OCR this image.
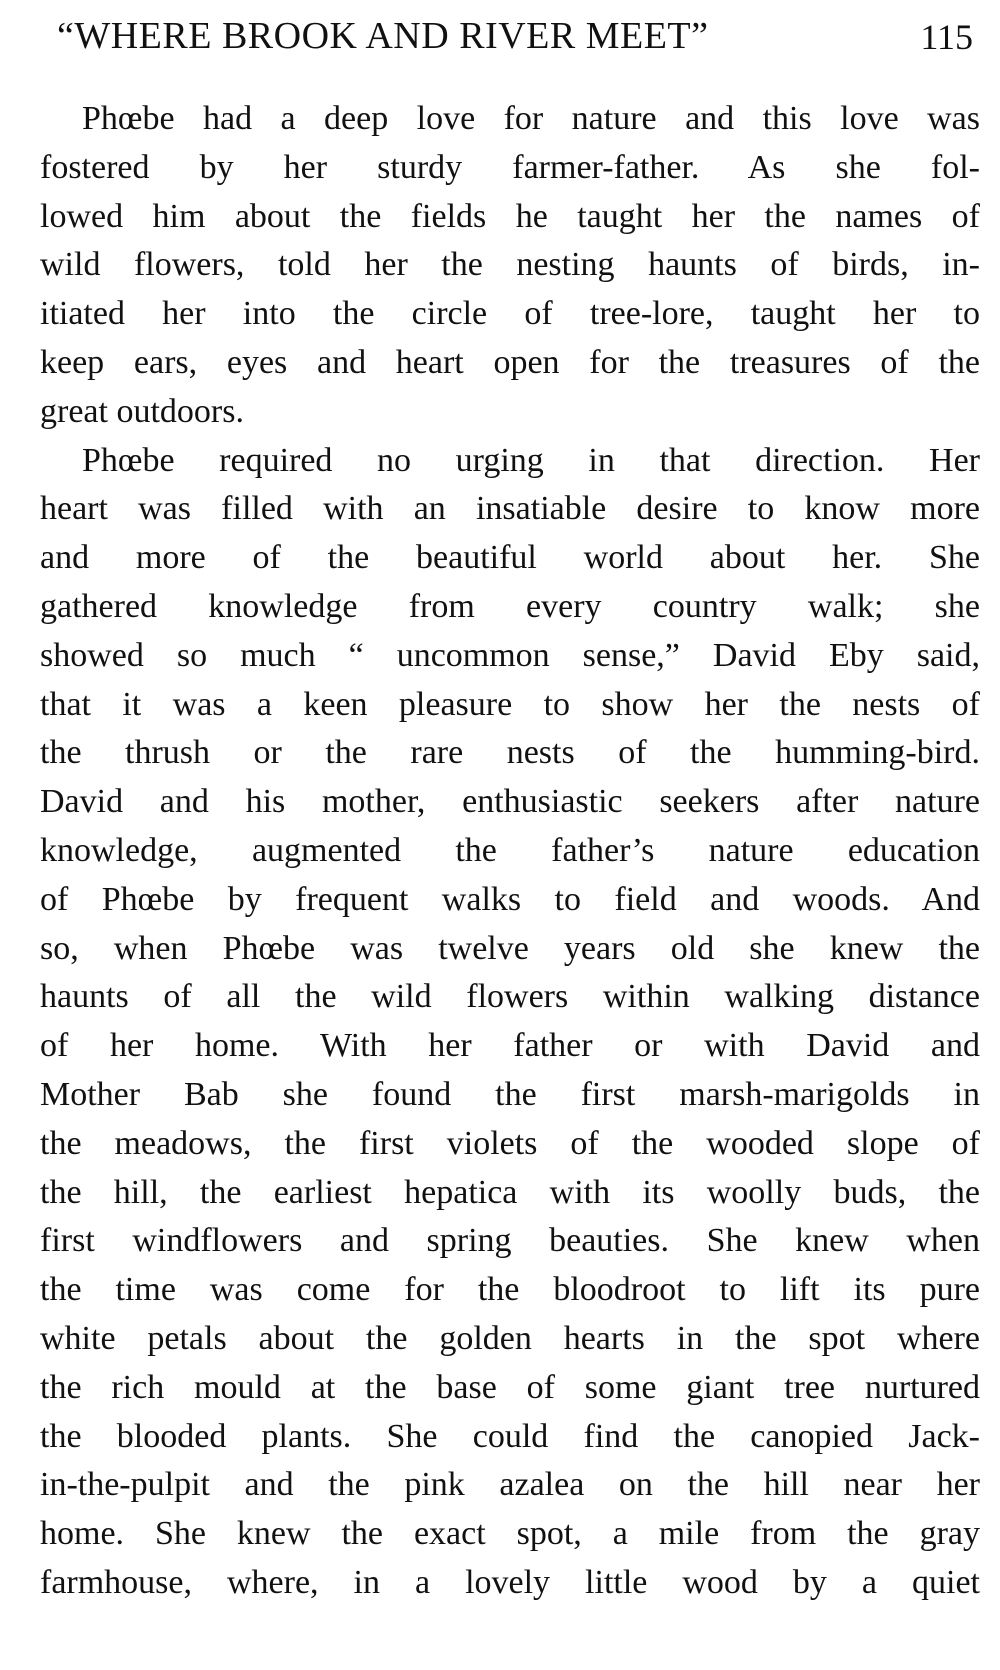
“WHERE BROOK AND RIVER MEET”	115
Phœbe had a deep love for nature and this love was
fostered by her sturdy farmer-father. As she fol-
lowed him about the fields he taught her the names of
wild flowers, told her the nesting haunts of birds, in-
itiated her into the circle of tree-lore, taught her to
keep ears, eyes and heart open for the treasures of the
great outdoors.
Phœbe required no urging in that direction. Her
heart was filled with an insatiable desire to know more
and more of the beautiful world about her. She
gathered knowledge from every country walk; she
showed so much “ uncommon sense,” David Eby said,
that it was a keen pleasure to show her the nests of
the thrush or the rare nests of the humming-bird.
David and his mother, enthusiastic seekers after nature
knowledge, augmented the father’s nature education
of Phœbe by frequent walks to field and woods. And
so, when Phœbe was twelve years old she knew the
haunts of all the wild flowers within walking distance
of her home. With her father or with David and
Mother Bab she found the first marsh-marigolds in
the meadows, the first violets of the wooded slope of
the hill, the earliest hepatica with its woolly buds, the
first windflowers and spring beauties. She knew when
the time was come for the bloodroot to lift its pure
white petals about the golden hearts in the spot where
the rich mould at the base of some giant tree nurtured
the blooded plants. She could find the canopied Jack-
in-the-pulpit and the pink azalea on the hill near her
home. She knew the exact spot, a mile from the gray
farmhouse, where, in a lovely little wood by a quiet
